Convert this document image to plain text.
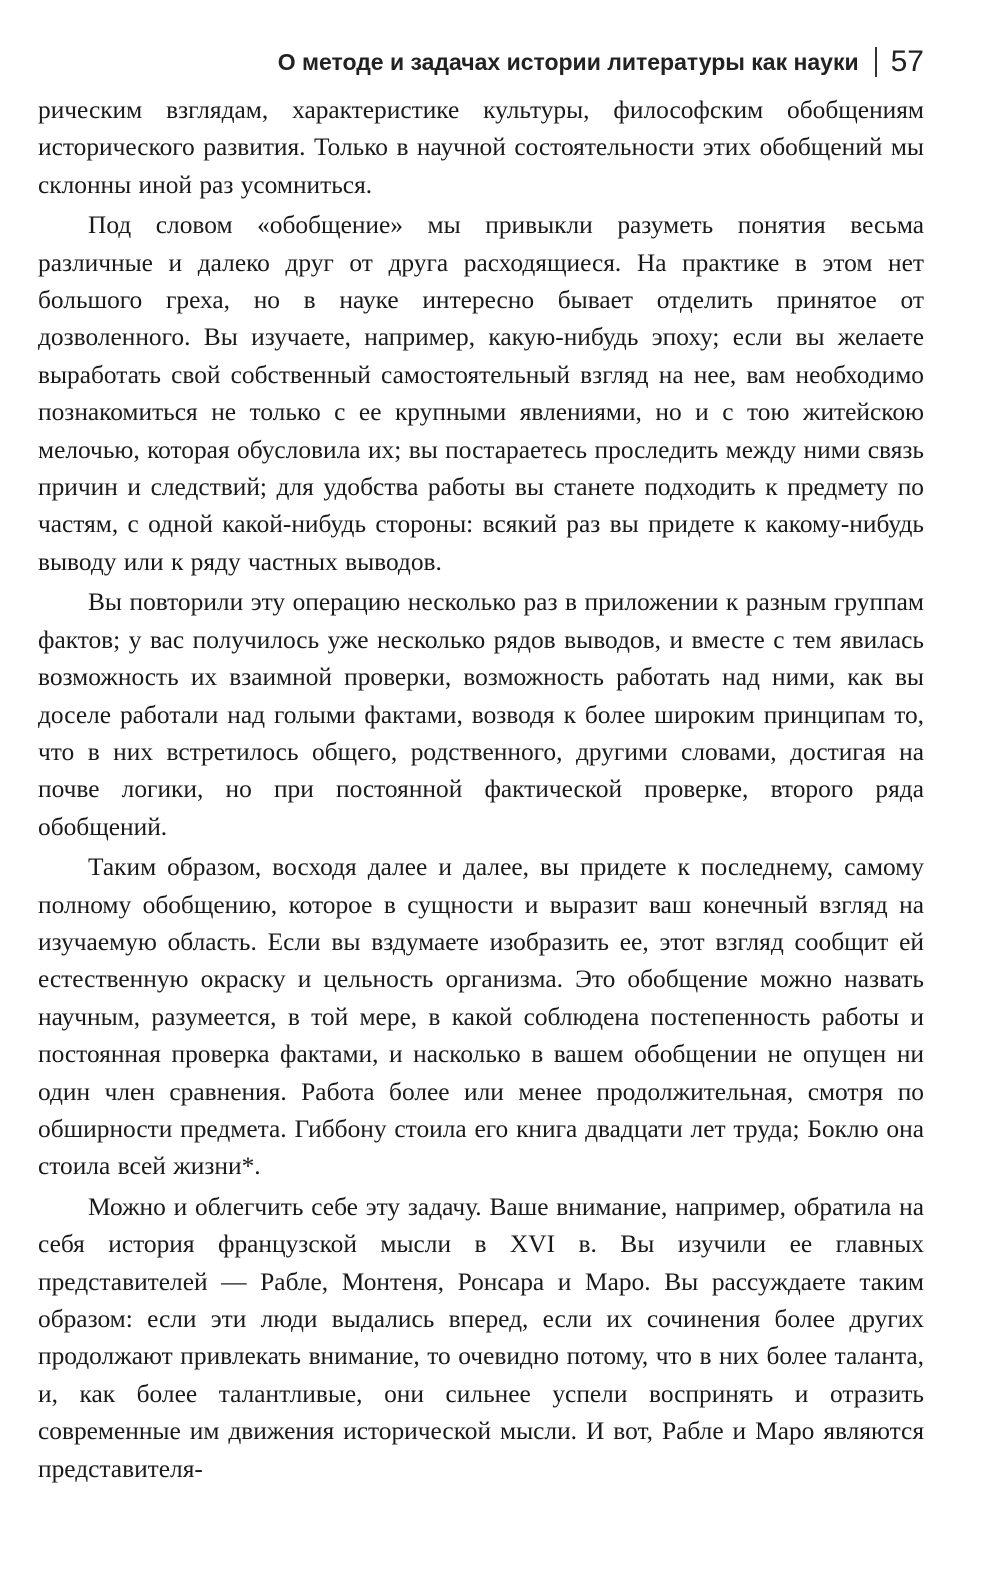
О методе и задачах истории литературы как науки 57

рическим взглядам, характеристике культуры, философским обобщениям исторического развития. Только в научной состоятельности этих обобщений мы склонны иной раз усомниться.

Под словом «обобщение» мы привыкли разуметь понятия весьма различные и далеко друг от друга расходящиеся. На практике в этом нет большого греха, но в науке интересно бывает отделить принятое от дозволенного. Вы изучаете, например, какую-нибудь эпоху; если вы желаете выработать свой собственный самостоятельный взгляд на нее, вам необходимо познакомиться не только с ее крупными явлениями, но и с тою житейскою мелочью, которая обусловила их; вы постараетесь проследить между ними связь причин и следствий; для удобства работы вы станете подходить к предмету по частям, с одной какой-нибудь стороны: всякий раз вы придете к какому-нибудь выводу или к ряду частных выводов.

Вы повторили эту операцию несколько раз в приложении к разным группам фактов; у вас получилось уже несколько рядов выводов, и вместе с тем явилась возможность их взаимной проверки, возможность работать над ними, как вы доселе работали над голыми фактами, возводя к более широким принципам то, что в них встретилось общего, родственного, другими словами, достигая на почве логики, но при постоянной фактической проверке, второго ряда обобщений.

Таким образом, восходя далее и далее, вы придете к последнему, самому полному обобщению, которое в сущности и выразит ваш конечный взгляд на изучаемую область. Если вы вздумаете изобразить ее, этот взгляд сообщит ей естественную окраску и цельность организма. Это обобщение можно назвать научным, разумеется, в той мере, в какой соблюдена постепенность работы и постоянная проверка фактами, и насколько в вашем обобщении не опущен ни один член сравнения. Работа более или менее продолжительная, смотря по обширности предмета. Гиббону стоила его книга двадцати лет труда; Боклю она стоила всей жизни*.

Можно и облегчить себе эту задачу. Ваше внимание, например, обратила на себя история французской мысли в XVI в. Вы изучили ее главных представителей — Рабле, Монтеня, Ронсара и Маро. Вы рассуждаете таким образом: если эти люди выдались вперед, если их сочинения более других продолжают привлекать внимание, то очевидно потому, что в них более таланта, и, как более талантливые, они сильнее успели воспринять и отразить современные им движения исторической мысли. И вот, Рабле и Маро являются представителя-
